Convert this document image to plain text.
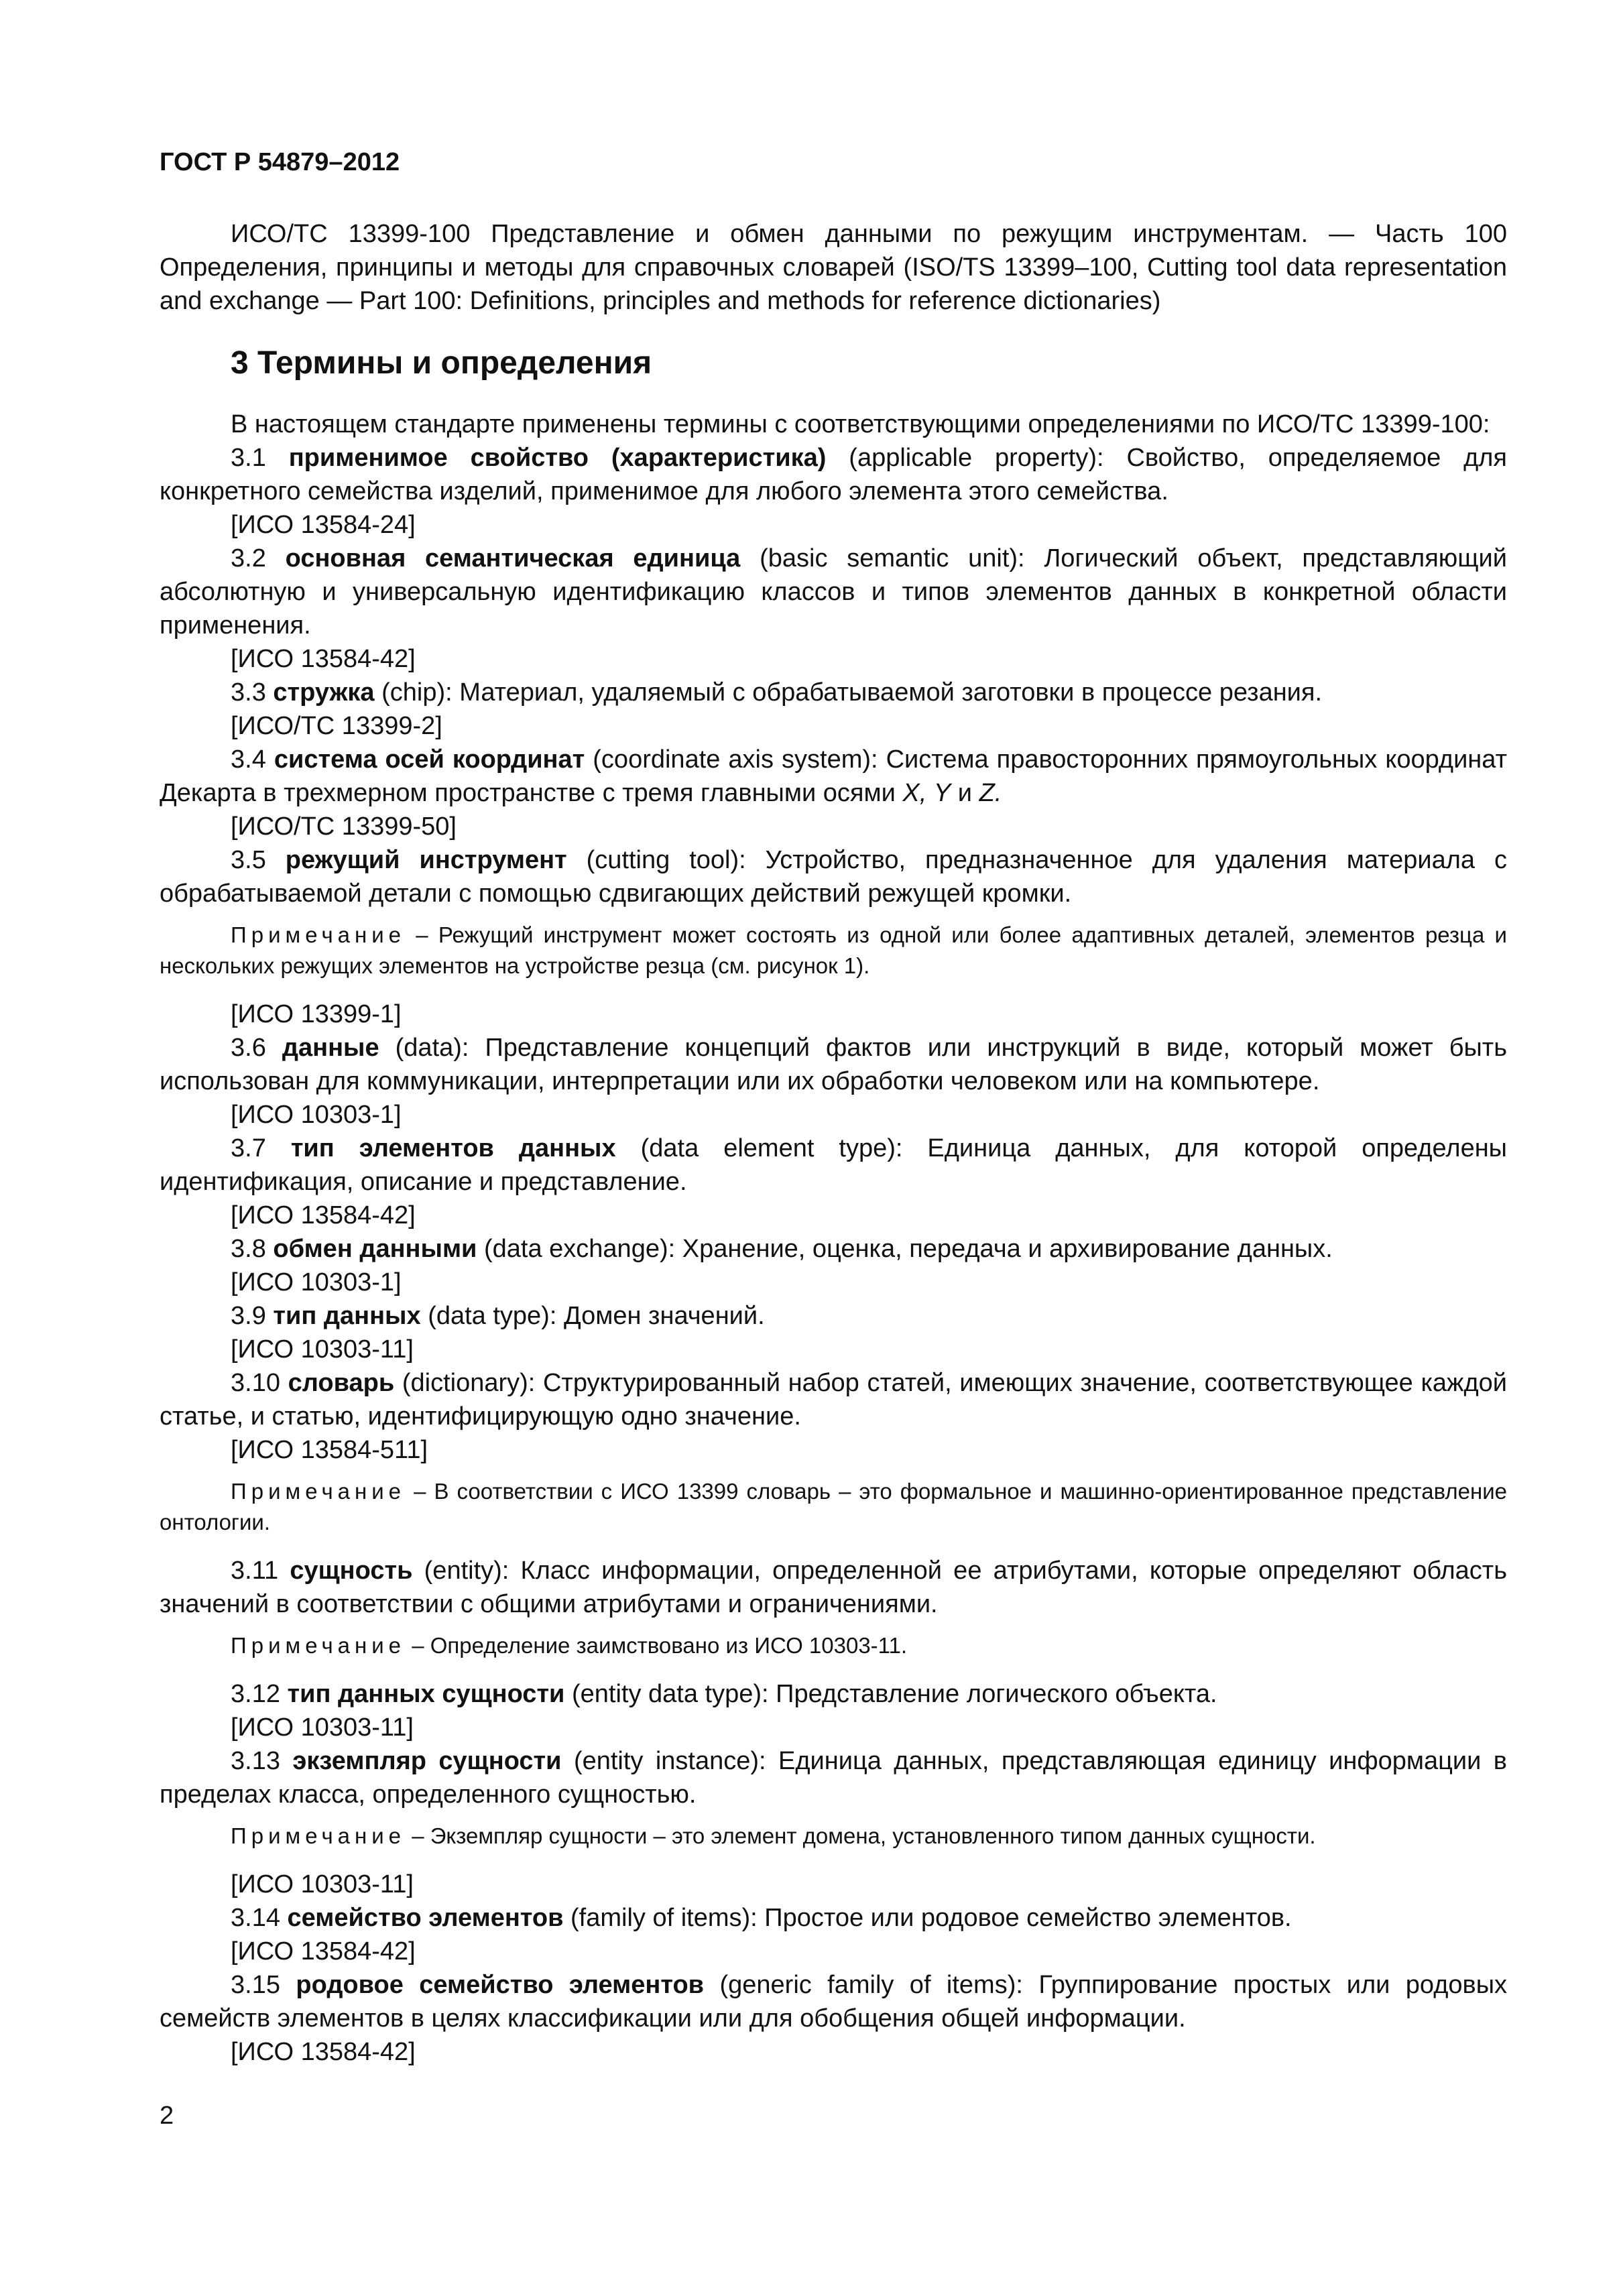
ГОСТ Р 54879–2012

ИСО/ТС 13399-100 Представление и обмен данными по режущим инструментам. — Часть 100 Определения, принципы и методы для справочных словарей (ISO/TS 13399–100, Cutting tool data representation and exchange — Part 100: Definitions, principles and methods for reference dictionaries)

3 Термины и определения

В настоящем стандарте применены термины с соответствующими определениями по ИСО/ТС 13399-100:

3.1 применимое свойство (характеристика) (applicable property): Свойство, определяемое для конкретного семейства изделий, применимое для любого элемента этого семейства.

[ИСО 13584-24]

3.2 основная семантическая единица (basic semantic unit): Логический объект, представляющий абсолютную и универсальную идентификацию классов и типов элементов данных в конкретной области применения.

[ИСО 13584-42]

3.3 стружка (chip): Материал, удаляемый с обрабатываемой заготовки в процессе резания.

[ИСО/ТС 13399-2]

3.4 система осей координат (coordinate axis system): Система правосторонних прямоугольных координат Декарта в трехмерном пространстве с тремя главными осями X, Y и Z.

[ИСО/ТС 13399-50]

3.5 режущий инструмент (cutting tool): Устройство, предназначенное для удаления материала с обрабатываемой детали с помощью сдвигающих действий режущей кромки.

Примечание – Режущий инструмент может состоять из одной или более адаптивных деталей, элементов резца и нескольких режущих элементов на устройстве резца (см. рисунок 1).

[ИСО 13399-1]

3.6 данные (data): Представление концепций фактов или инструкций в виде, который может быть использован для коммуникации, интерпретации или их обработки человеком или на компьютере.

[ИСО 10303-1]

3.7 тип элементов данных (data element type): Единица данных, для которой определены идентификация, описание и представление.

[ИСО 13584-42]

3.8 обмен данными (data exchange): Хранение, оценка, передача и архивирование данных.

[ИСО 10303-1]

3.9 тип данных (data type): Домен значений.

[ИСО 10303-11]

3.10 словарь (dictionary): Структурированный набор статей, имеющих значение, соответствующее каждой статье, и статью, идентифицирующую одно значение.

[ИСО 13584-511]

Примечание – В соответствии с ИСО 13399 словарь – это формальное и машинно-ориентированное представление онтологии.

3.11 сущность (entity): Класс информации, определенной ее атрибутами, которые определяют область значений в соответствии с общими атрибутами и ограничениями.

Примечание – Определение заимствовано из ИСО 10303-11.

3.12 тип данных сущности (entity data type): Представление логического объекта.

[ИСО 10303-11]

3.13 экземпляр сущности (entity instance): Единица данных, представляющая единицу информации в пределах класса, определенного сущностью.

Примечание – Экземпляр сущности – это элемент домена, установленного типом данных сущности.

[ИСО 10303-11]

3.14 семейство элементов (family of items): Простое или родовое семейство элементов.

[ИСО 13584-42]

3.15 родовое семейство элементов (generic family of items): Группирование простых или родовых семейств элементов в целях классификации или для обобщения общей информации.

[ИСО 13584-42]

2
